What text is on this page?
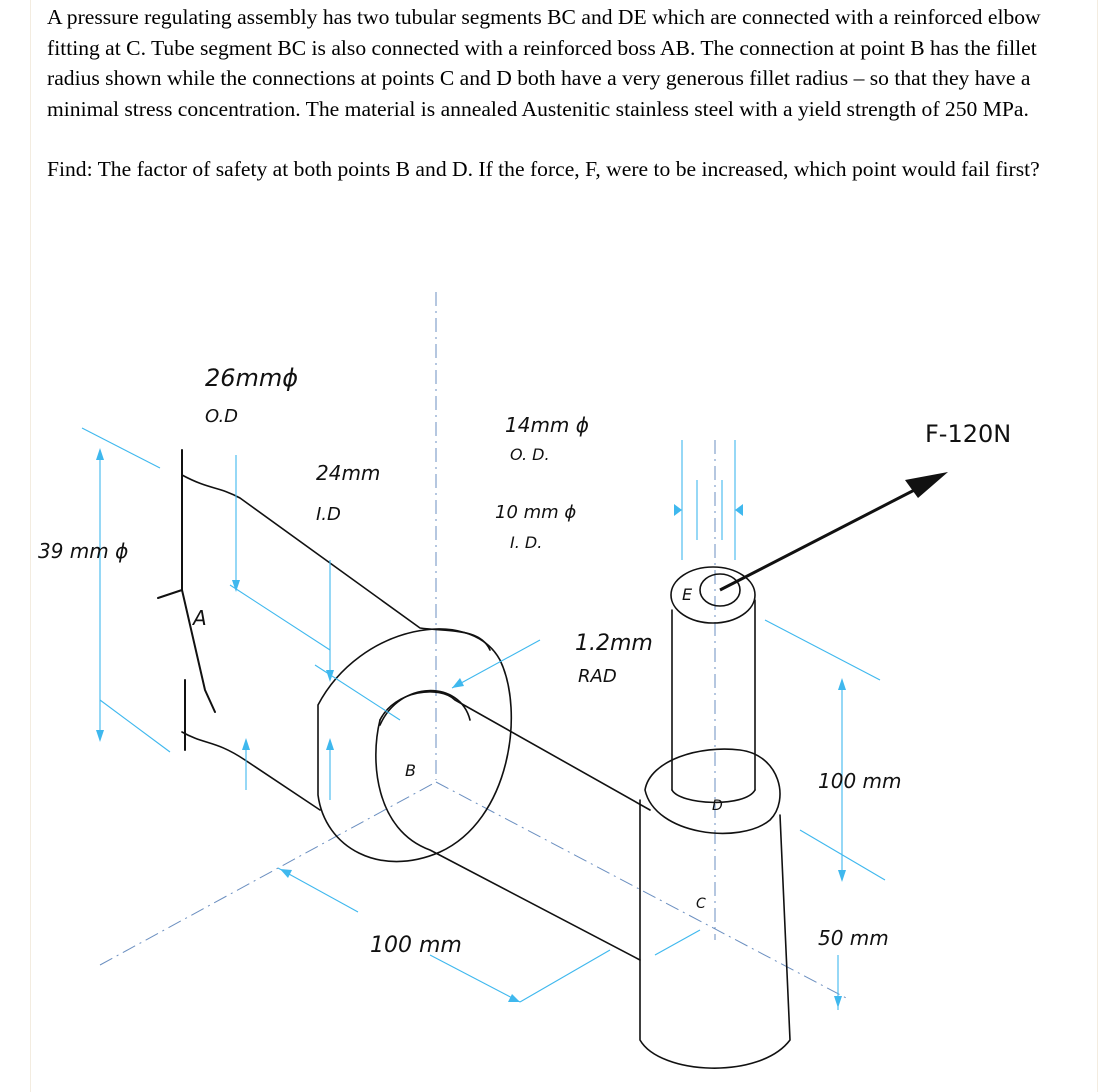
A pressure regulating assembly has two tubular segments BC and DE which are connected with a reinforced elbow fitting at C. Tube segment BC is also connected with a reinforced boss AB. The connection at point B has the fillet radius shown while the connections at points C and D both have a very generous fillet radius – so that they have a minimal stress concentration. The material is annealed Austenitic stainless steel with a yield strength of 250 MPa.

Find: The factor of safety at both points B and D. If the force, F, were to be increased, which point would fail first?

39 mm ϕ
26mmϕ
O.D
24mm
I.D
14mm ϕ
O. D.
10 mm ϕ
I. D.
1.2mm
RAD
F-120N
100 mm
100 mm
50 mm
A
B
C
D
E
